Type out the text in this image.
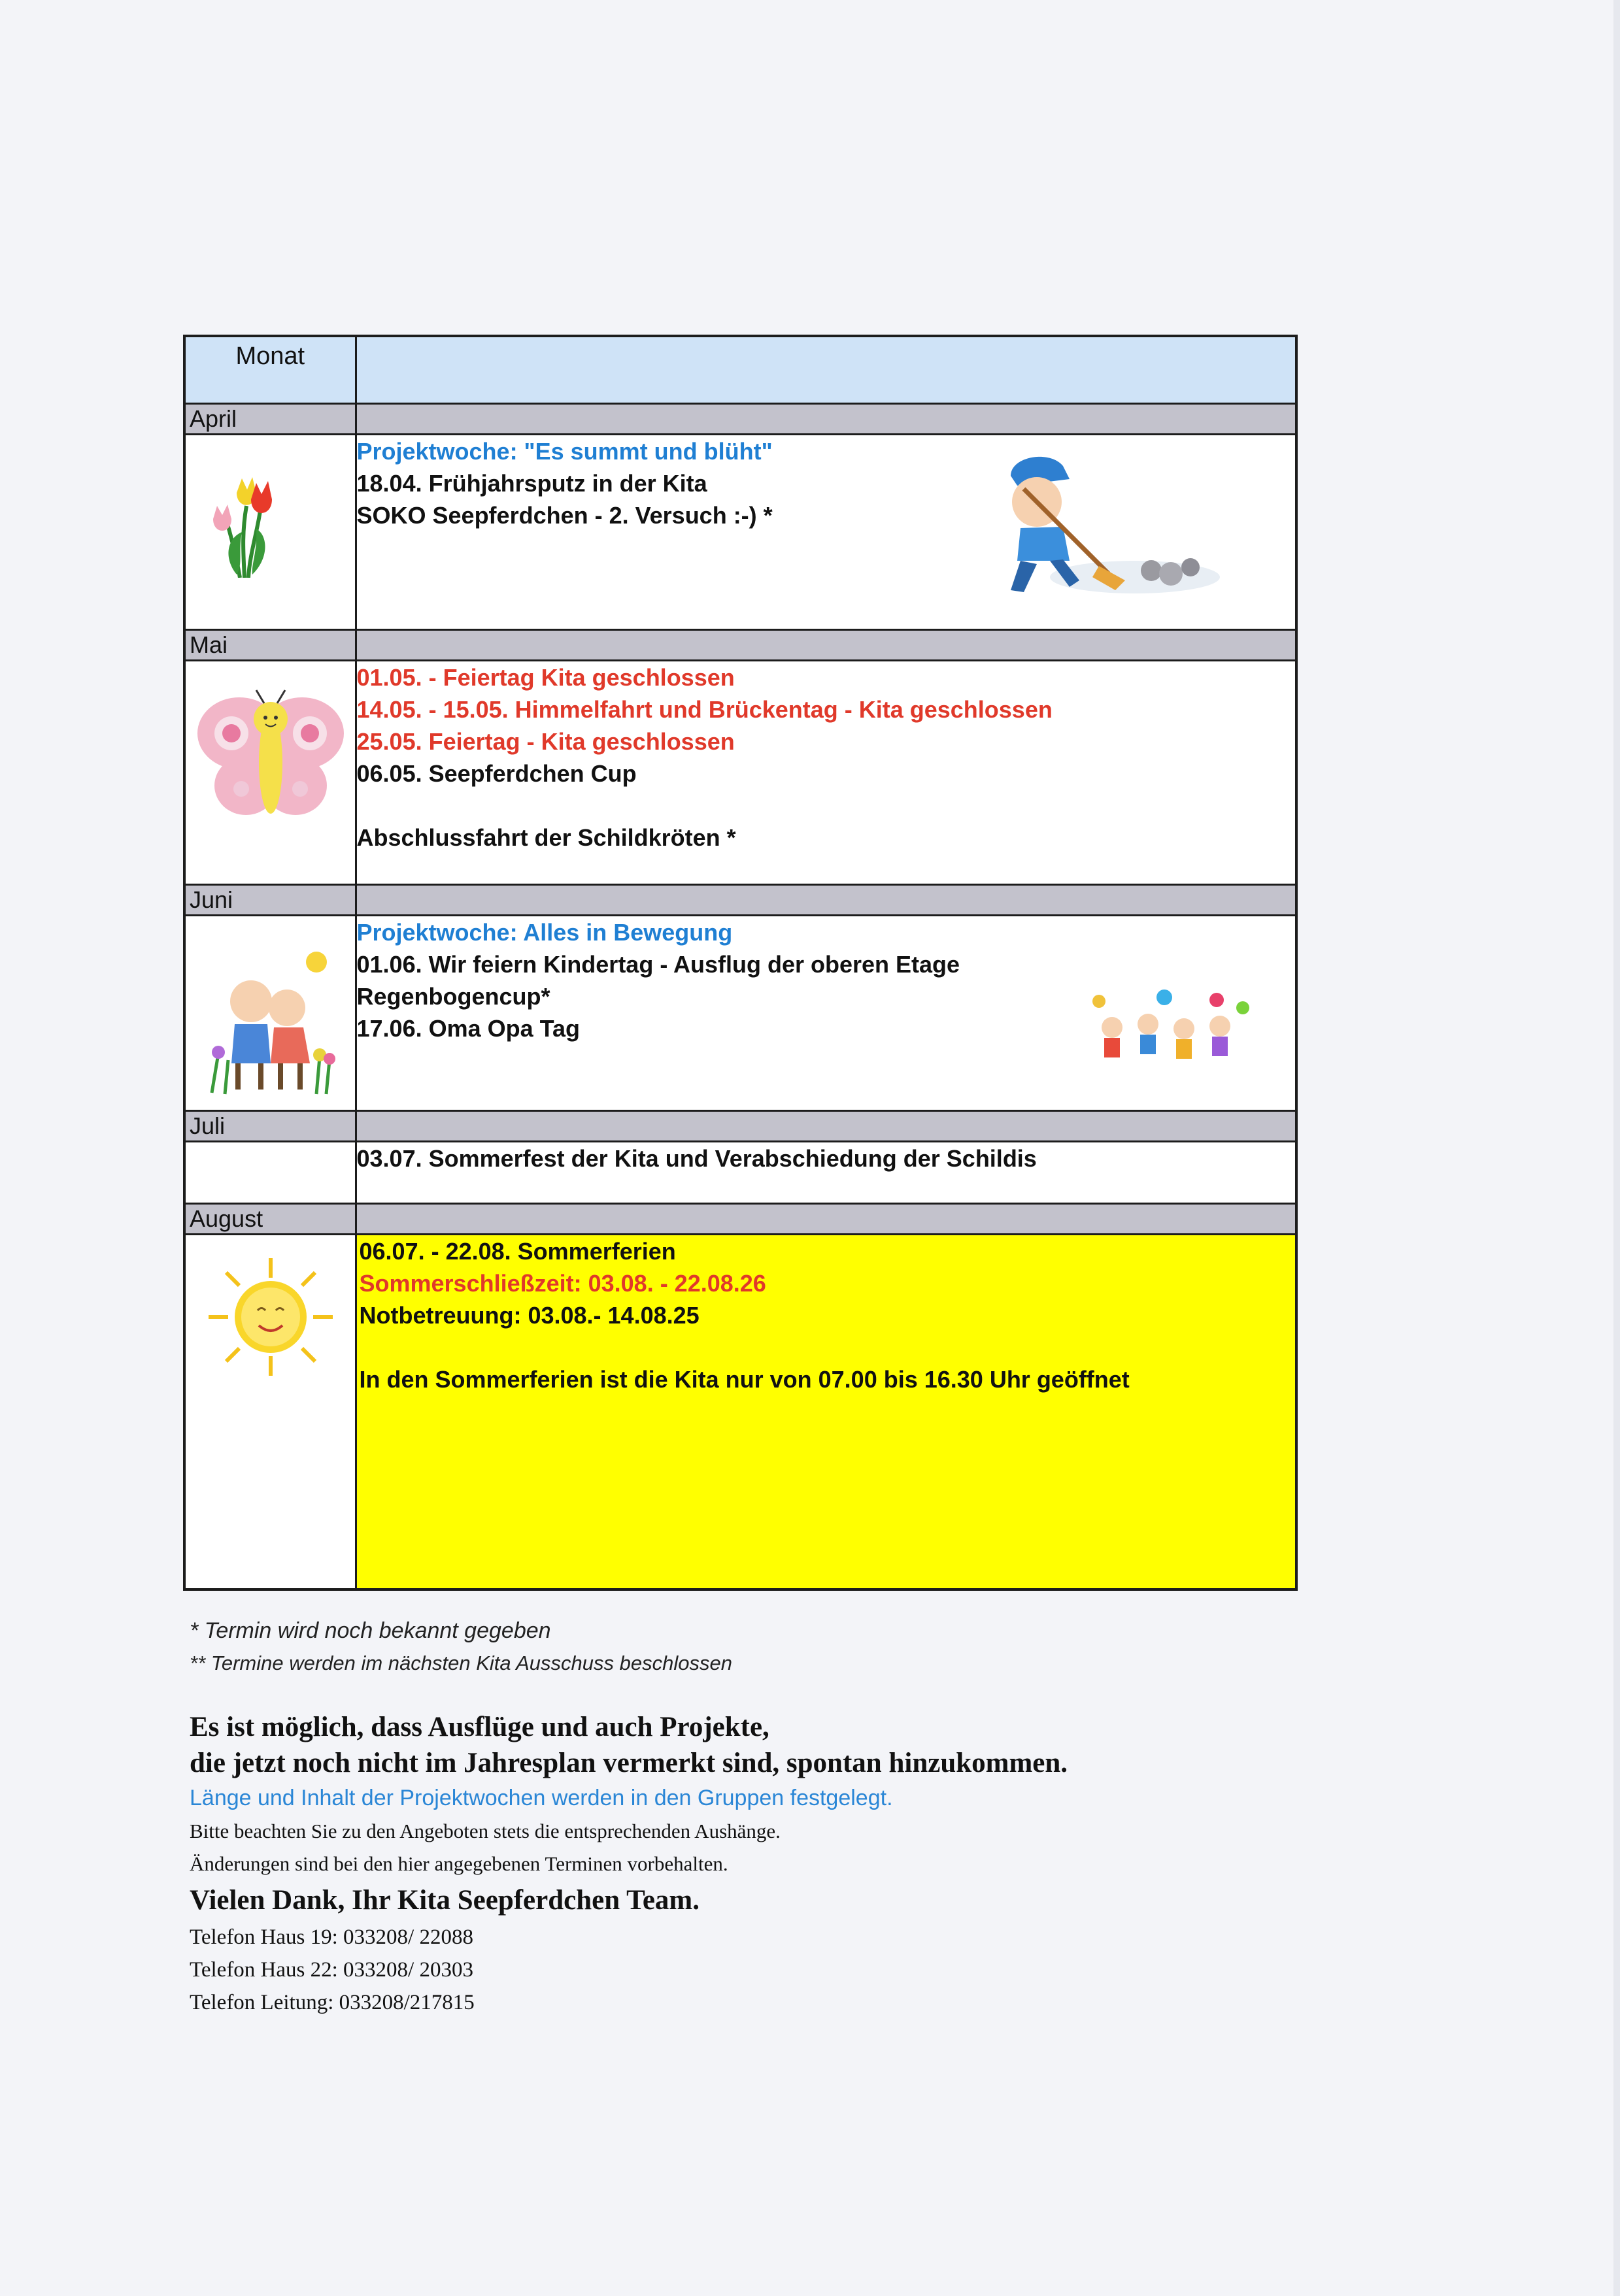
Monat	
April	

Projektwoche: "Es summt und blüht"
18.04. Frühjahrsputz in der Kita
SOKO Seepferdchen - 2. Versuch :-) *

Mai	

01.05. - Feiertag Kita geschlossen
14.05. - 15.05. Himmelfahrt und Brückentag - Kita geschlossen
25.05. Feiertag - Kita geschlossen
06.05. Seepferdchen Cup
Abschlussfahrt der Schildkröten *

Juni	

Projektwoche: Alles in Bewegung
01.06. Wir feiern Kindertag - Ausflug der oberen Etage
Regenbogencup*
17.06. Oma Opa Tag

Juli	

	03.07. Sommerfest der Kita und Verabschiedung der Schildis

August	

06.07. - 22.08. Sommerferien
Sommerschließzeit: 03.08. - 22.08.26
Notbetreuung: 03.08.- 14.08.25
In den Sommerferien ist die Kita nur von 07.00 bis 16.30 Uhr geöffnet
* Termin wird noch bekannt gegeben
** Termine werden im nächsten Kita Ausschuss beschlossen
Es ist möglich, dass Ausflüge und auch Projekte,
die jetzt noch nicht im Jahresplan vermerkt sind, spontan hinzukommen.
Länge und Inhalt der Projektwochen werden in den Gruppen festgelegt.
Bitte beachten Sie zu den Angeboten stets die entsprechenden Aushänge.
Änderungen sind bei den hier angegebenen Terminen vorbehalten.
Vielen Dank, Ihr Kita Seepferdchen Team.
Telefon Haus 19: 033208/ 22088
Telefon Haus 22: 033208/ 20303
Telefon Leitung: 033208/217815
